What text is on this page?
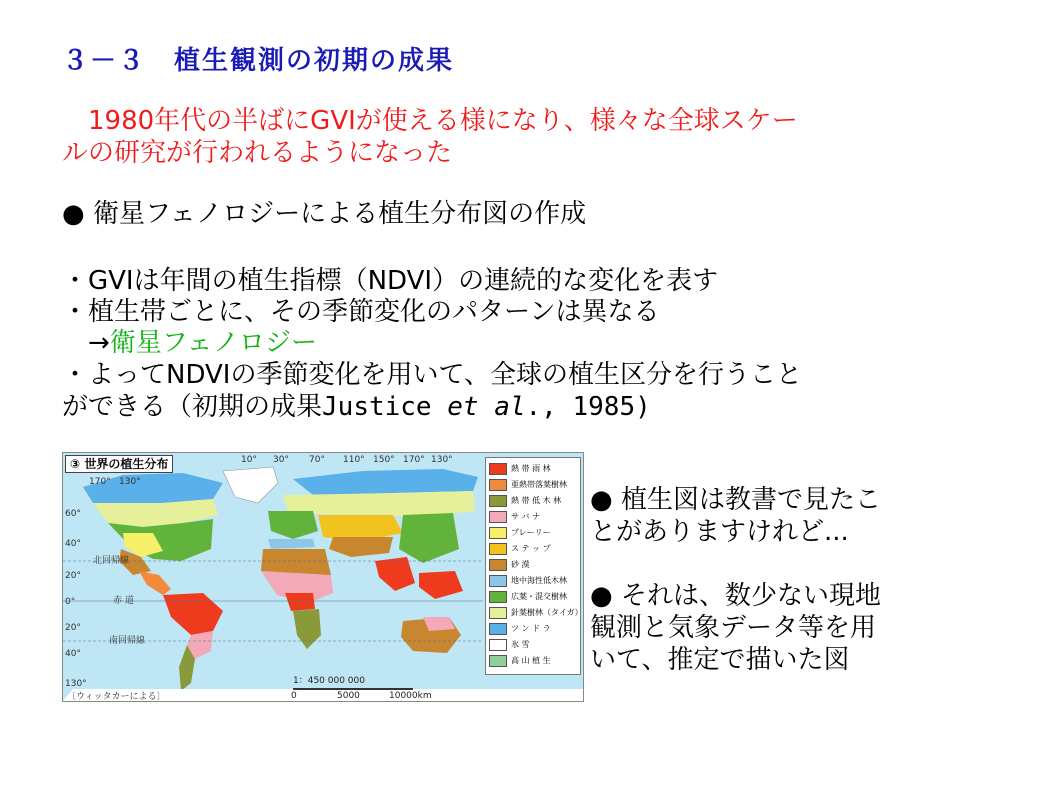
３－３　植生観測の初期の成果
　1980年代の半ばにGVIが使える様になり、様々な全球スケー
ルの研究が行われるようになった
● 衛星フェノロジーによる植生分布図の作成
・GVIは年間の植生指標（NDVI）の連続的な変化を表す
・植生帯ごとに、その季節変化のパターンは異なる
　→衛星フェノロジー
・よってNDVIの季節変化を用いて、全球の植生区分を行うこと
ができる（初期の成果Justice et al., 1985)
③ 世界の植生分布	10° 30° 70° 110° 150° 170° 130°
170° 130°
60°
40°
20°
0°
20°
40°
130°
北回帰線
赤 道
南回帰線
〔ウィッタカーによる〕
1：450 000 000
0	5000	10000km
熱 帯 雨 林
亜熱帯落葉樹林
熱 帯 低 木 林
サ バ ナ
プレーリー
ス テ ッ プ
砂 漠
地中海性低木林
広葉・混交樹林
針葉樹林（タイガ）
ツ ン ド ラ
氷 雪
高 山 植 生
● 植生図は教書で見たこ
とがありますけれど...
● それは、数少ない現地
観測と気象データ等を用
いて、推定で描いた図
